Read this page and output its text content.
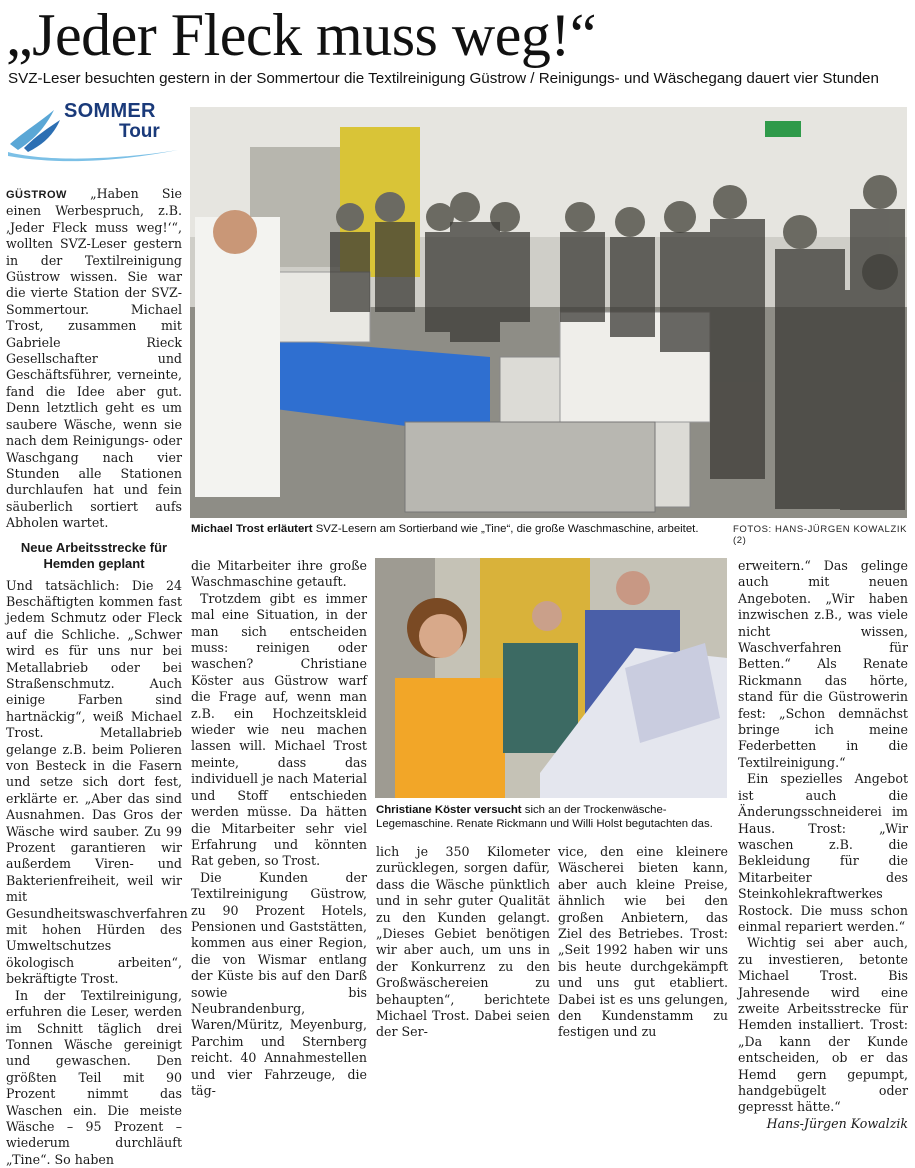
„Jeder Fleck muss weg!“
SVZ-Leser besuchten gestern in der Sommertour die Textilreinigung Güstrow / Reinigungs- und Wäschegang dauert vier Stunden
SOMMER
Tour
Michael Trost erläutert SVZ-Lesern am Sortierband wie „Tine“, die große Waschmaschine, arbeitet.	FOTOS: HANS-JÜRGEN KOWALZIK (2)
Christiane Köster versucht sich an der Trockenwäsche-Legemaschine. Renate Rickmann und Willi Holst begutachten das.

GÜSTROW „Haben Sie einen Werbespruch, z.B. ‚Jeder Fleck muss weg!‘“, wollten SVZ-Leser gestern in der Textilreinigung Güstrow wissen. Sie war die vierte Station der SVZ-Sommertour. Michael Trost, zusammen mit Gabriele Rieck Gesellschafter und Geschäftsführer, verneinte, fand die Idee aber gut. Denn letztlich geht es um saubere Wäsche, wenn sie nach dem Reinigungs- oder Waschgang nach vier Stunden alle Stationen durchlaufen hat und fein säuberlich sortiert aufs Abholen wartet.

Neue Arbeitsstrecke für Hemden geplant

Und tatsächlich: Die 24 Beschäftigten kommen fast jedem Schmutz oder Fleck auf die Schliche. „Schwer wird es für uns nur bei Metallabrieb oder bei Straßenschmutz. Auch einige Farben sind hartnäckig“, weiß Michael Trost. Metallabrieb gelange z.B. beim Polieren von Besteck in die Fasern und setze sich dort fest, erklärte er. „Aber das sind Ausnahmen. Das Gros der Wäsche wird sauber. Zu 99 Prozent garantieren wir außerdem Viren- und Bakterienfreiheit, weil wir mit Gesundheitswaschverfahren mit hohen Hürden des Umweltschutzes ökologisch arbeiten“, bekräftigte Trost.

In der Textilreinigung, erfuhren die Leser, werden im Schnitt täglich drei Tonnen Wäsche gereinigt und gewaschen. Den größten Teil mit 90 Prozent nimmt das Waschen ein. Die meiste Wäsche – 95 Prozent – wiederum durchläuft „Tine“. So haben

die Mitarbeiter ihre große Waschmaschine getauft.

Trotzdem gibt es immer mal eine Situation, in der man sich entscheiden muss: reinigen oder waschen? Christiane Köster aus Güstrow warf die Frage auf, wenn man z.B. ein Hochzeitskleid wieder wie neu machen lassen will. Michael Trost meinte, dass das individuell je nach Material und Stoff entschieden werden müsse. Da hätten die Mitarbeiter sehr viel Erfahrung und könnten Rat geben, so Trost.

Die Kunden der Textilreinigung Güstrow, zu 90 Prozent Hotels, Pensionen und Gaststätten, kommen aus einer Region, die von Wismar entlang der Küste bis auf den Darß sowie bis Neubrandenburg, Waren/Müritz, Meyenburg, Parchim und Sternberg reicht. 40 Annahmestellen und vier Fahrzeuge, die täg-

lich je 350 Kilometer zurücklegen, sorgen dafür, dass die Wäsche pünktlich und in sehr guter Qualität zu den Kunden gelangt. „Dieses Gebiet benötigen wir aber auch, um uns in der Konkurrenz zu den Großwäschereien zu behaupten“, berichtete Michael Trost. Dabei seien der Ser-

vice, den eine kleinere Wäscherei bieten kann, aber auch kleine Preise, ähnlich wie bei den großen Anbietern, das Ziel des Betriebes. Trost: „Seit 1992 haben wir uns bis heute durchgekämpft und uns gut etabliert. Dabei ist es uns gelungen, den Kundenstamm zu festigen und zu

erweitern.“ Das gelinge auch mit neuen Angeboten. „Wir haben inzwischen z.B., was viele nicht wissen, Waschverfahren für Betten.“ Als Renate Rickmann das hörte, stand für die Güstrowerin fest: „Schon demnächst bringe ich meine Federbetten in die Textilreinigung.“

Ein spezielles Angebot ist auch die Änderungsschneiderei im Haus. Trost: „Wir waschen z.B. die Bekleidung für die Mitarbeiter des Steinkohlekraftwerkes Rostock. Die muss schon einmal repariert werden.“

Wichtig sei aber auch, zu investieren, betonte Michael Trost. Bis Jahresende wird eine zweite Arbeitsstrecke für Hemden installiert. Trost: „Da kann der Kunde entscheiden, ob er das Hemd gern gepumpt, handgebügelt oder gepresst hätte.“

Hans-Jürgen Kowalzik
